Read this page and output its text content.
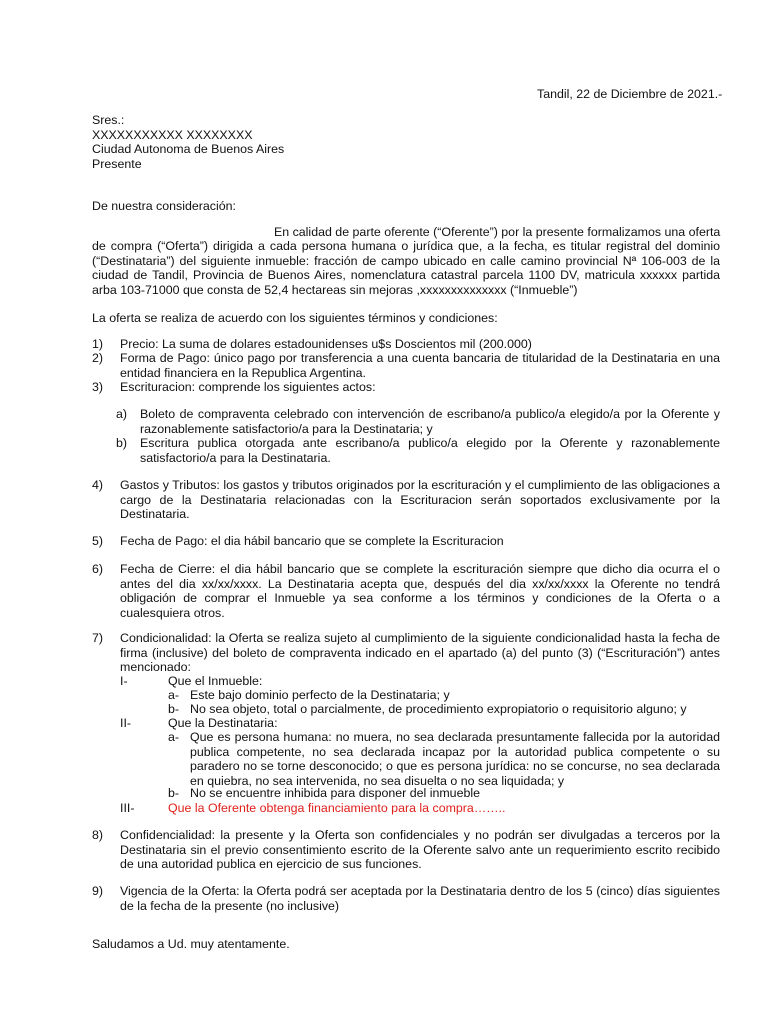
Tandil, 22 de Diciembre de 2021.-

Sres.:

XXXXXXXXXXX XXXXXXXX

Ciudad Autonoma de Buenos Aires

Presente

De nuestra consideración:

En calidad de parte oferente (“Oferente”) por la presente formalizamos una oferta

de compra (“Oferta”) dirigida a cada persona humana o jurídica que, a la fecha, es titular registral del dominio (“Destinataria”) del siguiente inmueble: fracción de campo ubicado en calle camino provincial Nª 106-003 de la ciudad de Tandil, Provincia de Buenos Aires, nomenclatura catastral parcela 1100 DV, matricula xxxxxx partida arba 103-71000 que consta de 52,4 hectareas sin mejoras ,xxxxxxxxxxxxxx (“Inmueble”)

La oferta se realiza de acuerdo con los siguientes términos y condiciones:

1) Precio: La suma de dolares estadounidenses u$s Doscientos mil (200.000)

2) Forma de Pago: único pago por transferencia a una cuenta bancaria de titularidad de la Destinataria en una entidad financiera en la Republica Argentina.

3) Escrituracion: comprende los siguientes actos:

a) Boleto de compraventa celebrado con intervención de escribano/a publico/a elegido/a por la Oferente y razonablemente satisfactorio/a para la Destinataria; y

b) Escritura publica otorgada ante escribano/a publico/a elegido por la Oferente y razonablemente satisfactorio/a para la Destinataria.

4) Gastos y Tributos: los gastos y tributos originados por la escrituración y el cumplimiento de las obligaciones a cargo de la Destinataria relacionadas con la Escrituracion serán soportados exclusivamente por la Destinataria.

5) Fecha de Pago: el dia hábil bancario que se complete la Escrituracion

6) Fecha de Cierre: el dia hábil bancario que se complete la escrituración siempre que dicho dia ocurra el o antes del dia xx/xx/xxxx. La Destinataria acepta que, después del dia xx/xx/xxxx la Oferente no tendrá obligación de comprar el Inmueble ya sea conforme a los términos y condiciones de la Oferta o a cualesquiera otros.

7) Condicionalidad: la Oferta se realiza sujeto al cumplimiento de la siguiente condicionalidad hasta la fecha de firma (inclusive) del boleto de compraventa indicado en el apartado (a) del punto (3) (“Escrituración”) antes mencionado:

I-	Que el Inmueble:

a- Este bajo dominio perfecto de la Destinataria; y

b- No sea objeto, total o parcialmente, de procedimiento expropiatorio o requisitorio alguno; y

II-	Que la Destinataria:

a- Que es persona humana: no muera, no sea declarada presuntamente fallecida por la autoridad publica competente, no sea declarada incapaz por la autoridad publica competente o su paradero no se torne desconocido; o que es persona jurídica: no se concurse, no sea declarada en quiebra, no sea intervenida, no sea disuelta o no sea liquidada; y

b- No se encuentre inhibida para disponer del inmueble

III-	Que la Oferente obtenga financiamiento para la compra……..

8) Confidencialidad: la presente y la Oferta son confidenciales y no podrán ser divulgadas a terceros por la Destinataria sin el previo consentimiento escrito de la Oferente salvo ante un requerimiento escrito recibido de una autoridad publica en ejercicio de sus funciones.

9) Vigencia de la Oferta: la Oferta podrá ser aceptada por la Destinataria dentro de los 5 (cinco) días siguientes de la fecha de la presente (no inclusive)

Saludamos a Ud. muy atentamente.
